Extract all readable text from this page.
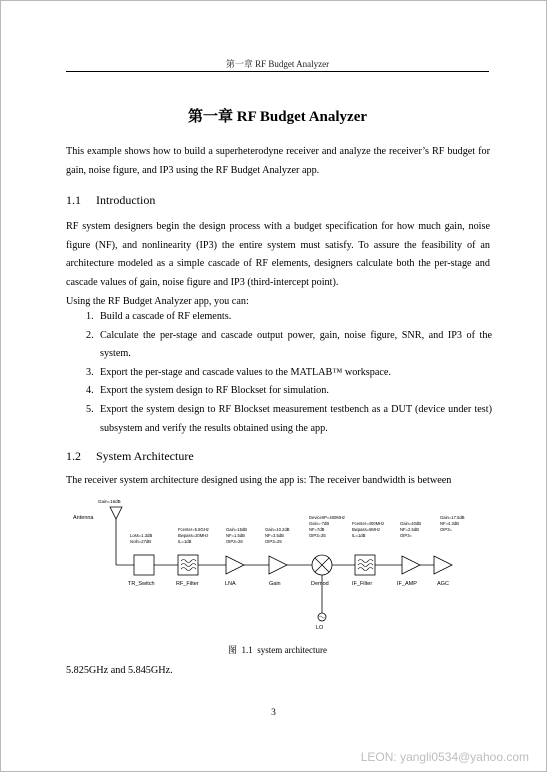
第一章 RF Budget Analyzer
第一章 RF Budget Analyzer
This example shows how to build a superheterodyne receiver and analyze the receiver’s RF budget for gain, noise figure, and IP3 using the RF Budget Analyzer app.
1.1 Introduction
RF system designers begin the design process with a budget specification for how much gain, noise figure (NF), and nonlinearity (IP3) the entire system must satisfy. To assure the feasibility of an architecture modeled as a simple cascade of RF elements, designers calculate both the per-stage and cascade values of gain, noise figure and IP3 (third-intercept point).
Using the RF Budget Analyzer app, you can:
1. Build a cascade of RF elements.
2. Calculate the per-stage and cascade output power, gain, noise figure, SNR, and IP3 of the system.
3. Export the per-stage and cascade values to the MATLAB™ workspace.
4. Export the system design to RF Blockset for simulation.
5. Export the system design to RF Blockset measurement testbench as a DUT (device under test) subsystem and verify the results obtained using the app.
1.2 System Architecture
The receiver system architecture designed using the app is: The receiver bandwidth is between
Gain=16dB
Antenna
Loss=1.3dB
Isoln=27dB
TR_Switch
Fcenter=5.8GHz
Bwpass=20MHz
IL=1dB
RF_Filter
Gain=15dB
NF=1.5dB
OIP3=26
LNA
Gain=10.2dB
NF=3.5dB
OIP3=25
Gain
DeviceIIP=400MHz
Gain=-7dB
NF=7dB
OIP3=35
Demod
LO
Fcenter=400MHz
Bwpass=5MHz
IL=1dB
IF_Filter
Gain=40dB
NF=2.5dB
OIP3=
IF_AMP
Gain=17.5dB
NF=4.3dB
OIP3=
AGC
图 1.1 system architecture
5.825GHz and 5.845GHz.
3
LEON: yangli0534@yahoo.com
